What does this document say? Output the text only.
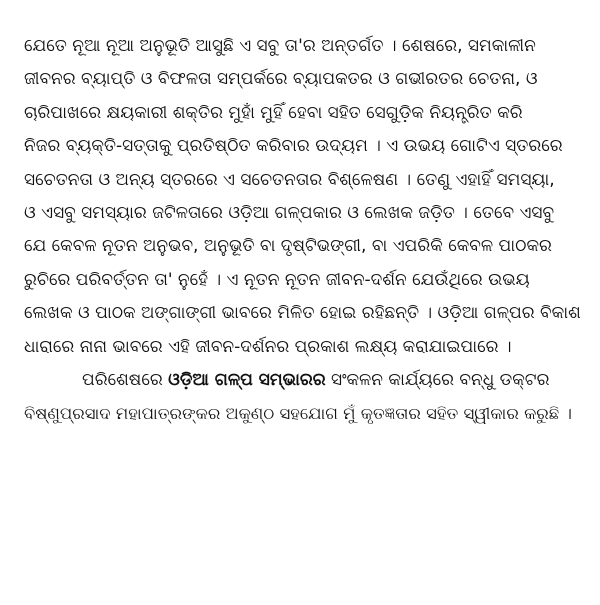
ଯେତେ ନୂଆ ନୂଆ ଅନୁଭୂତି ଆସୁଛି ଏ ସବୁ ତା'ର ଅନ୍ତର୍ଗତ । ଶେଷରେ, ସମକାଳୀନ
ଜୀବନର ବ୍ୟାପ୍ତି ଓ ବିଫଳତା ସମ୍ପର୍କରେ ବ୍ୟାପକତର ଓ ଗଭୀରତର ଚେତନା, ଓ
ଚାରିପାଖରେ କ୍ଷୟକାରୀ ଶକ୍ତିର ମୁହାଁ ମୁହିଁ ହେବା ସହିତ ସେଗୁଡ଼ିକ ନିୟନ୍ତ୍ରିତ କରି
ନିଜର ବ୍ୟକ୍ତି-ସତ୍ତାକୁ ପ୍ରତିଷ୍ଠିତ କରିବାର ଉଦ୍ୟମ । ଏ ଉଭୟ ଗୋଟିଏ ସ୍ତରରେ
ସଚେତନତା ଓ ଅନ୍ୟ ସ୍ତରରେ ଏ ସଚେତନତାର ବିଶ୍ଳେଷଣ । ତେଣୁ ଏହାହିଁ ସମସ୍ୟା,
ଓ ଏସବୁ ସମସ୍ୟାର ଜଟିଳତାରେ ଓଡ଼ିଆ ଗଳ୍ପକାର ଓ ଲେଖକ ଜଡ଼ିତ । ତେବେ ଏସବୁ
ଯେ କେବଳ ନୂତନ ଅନୁଭବ, ଅନୁଭୂତି ବା ଦୃଷ୍ଟିଭଙ୍ଗୀ, ବା ଏପରିକି କେବଳ ପାଠକର
ରୁଚିରେ ପରିବର୍ତ୍ତନ ତା' ନୁହେଁ । ଏ ନୂତନ ନୂତନ ଜୀବନ-ଦର୍ଶନ ଯେଉଁଥିରେ ଉଭୟ
ଲେଖକ ଓ ପାଠକ ଅଙ୍ଗାଙ୍ଗୀ ଭାବରେ ମିଳିତ ହୋଇ ରହିଛନ୍ତି । ଓଡ଼ିଆ ଗଳ୍ପର ବିକାଶ
ଧାରାରେ ନାନା ଭାବରେ ଏହି ଜୀବନ-ଦର୍ଶନର ପ୍ରକାଶ ଲକ୍ଷ୍ୟ କରାଯାଇପାରେ ।
ପରିଶେଷରେ ଓଡ଼ିଆ ଗଳ୍ପ ସମ୍ଭାରର ସଂକଳନ କାର୍ଯ୍ୟରେ ବନ୍ଧୁ ଡକ୍ଟର
ବିଷ୍ଣୁପ୍ରସାଦ ମହାପାତ୍ରଙ୍କର ଅକୁଣ୍ଠ ସହଯୋଗ ମୁଁ କୃତଜ୍ଞତାର ସହିତ ସ୍ୱୀକାର କରୁଛି ।
